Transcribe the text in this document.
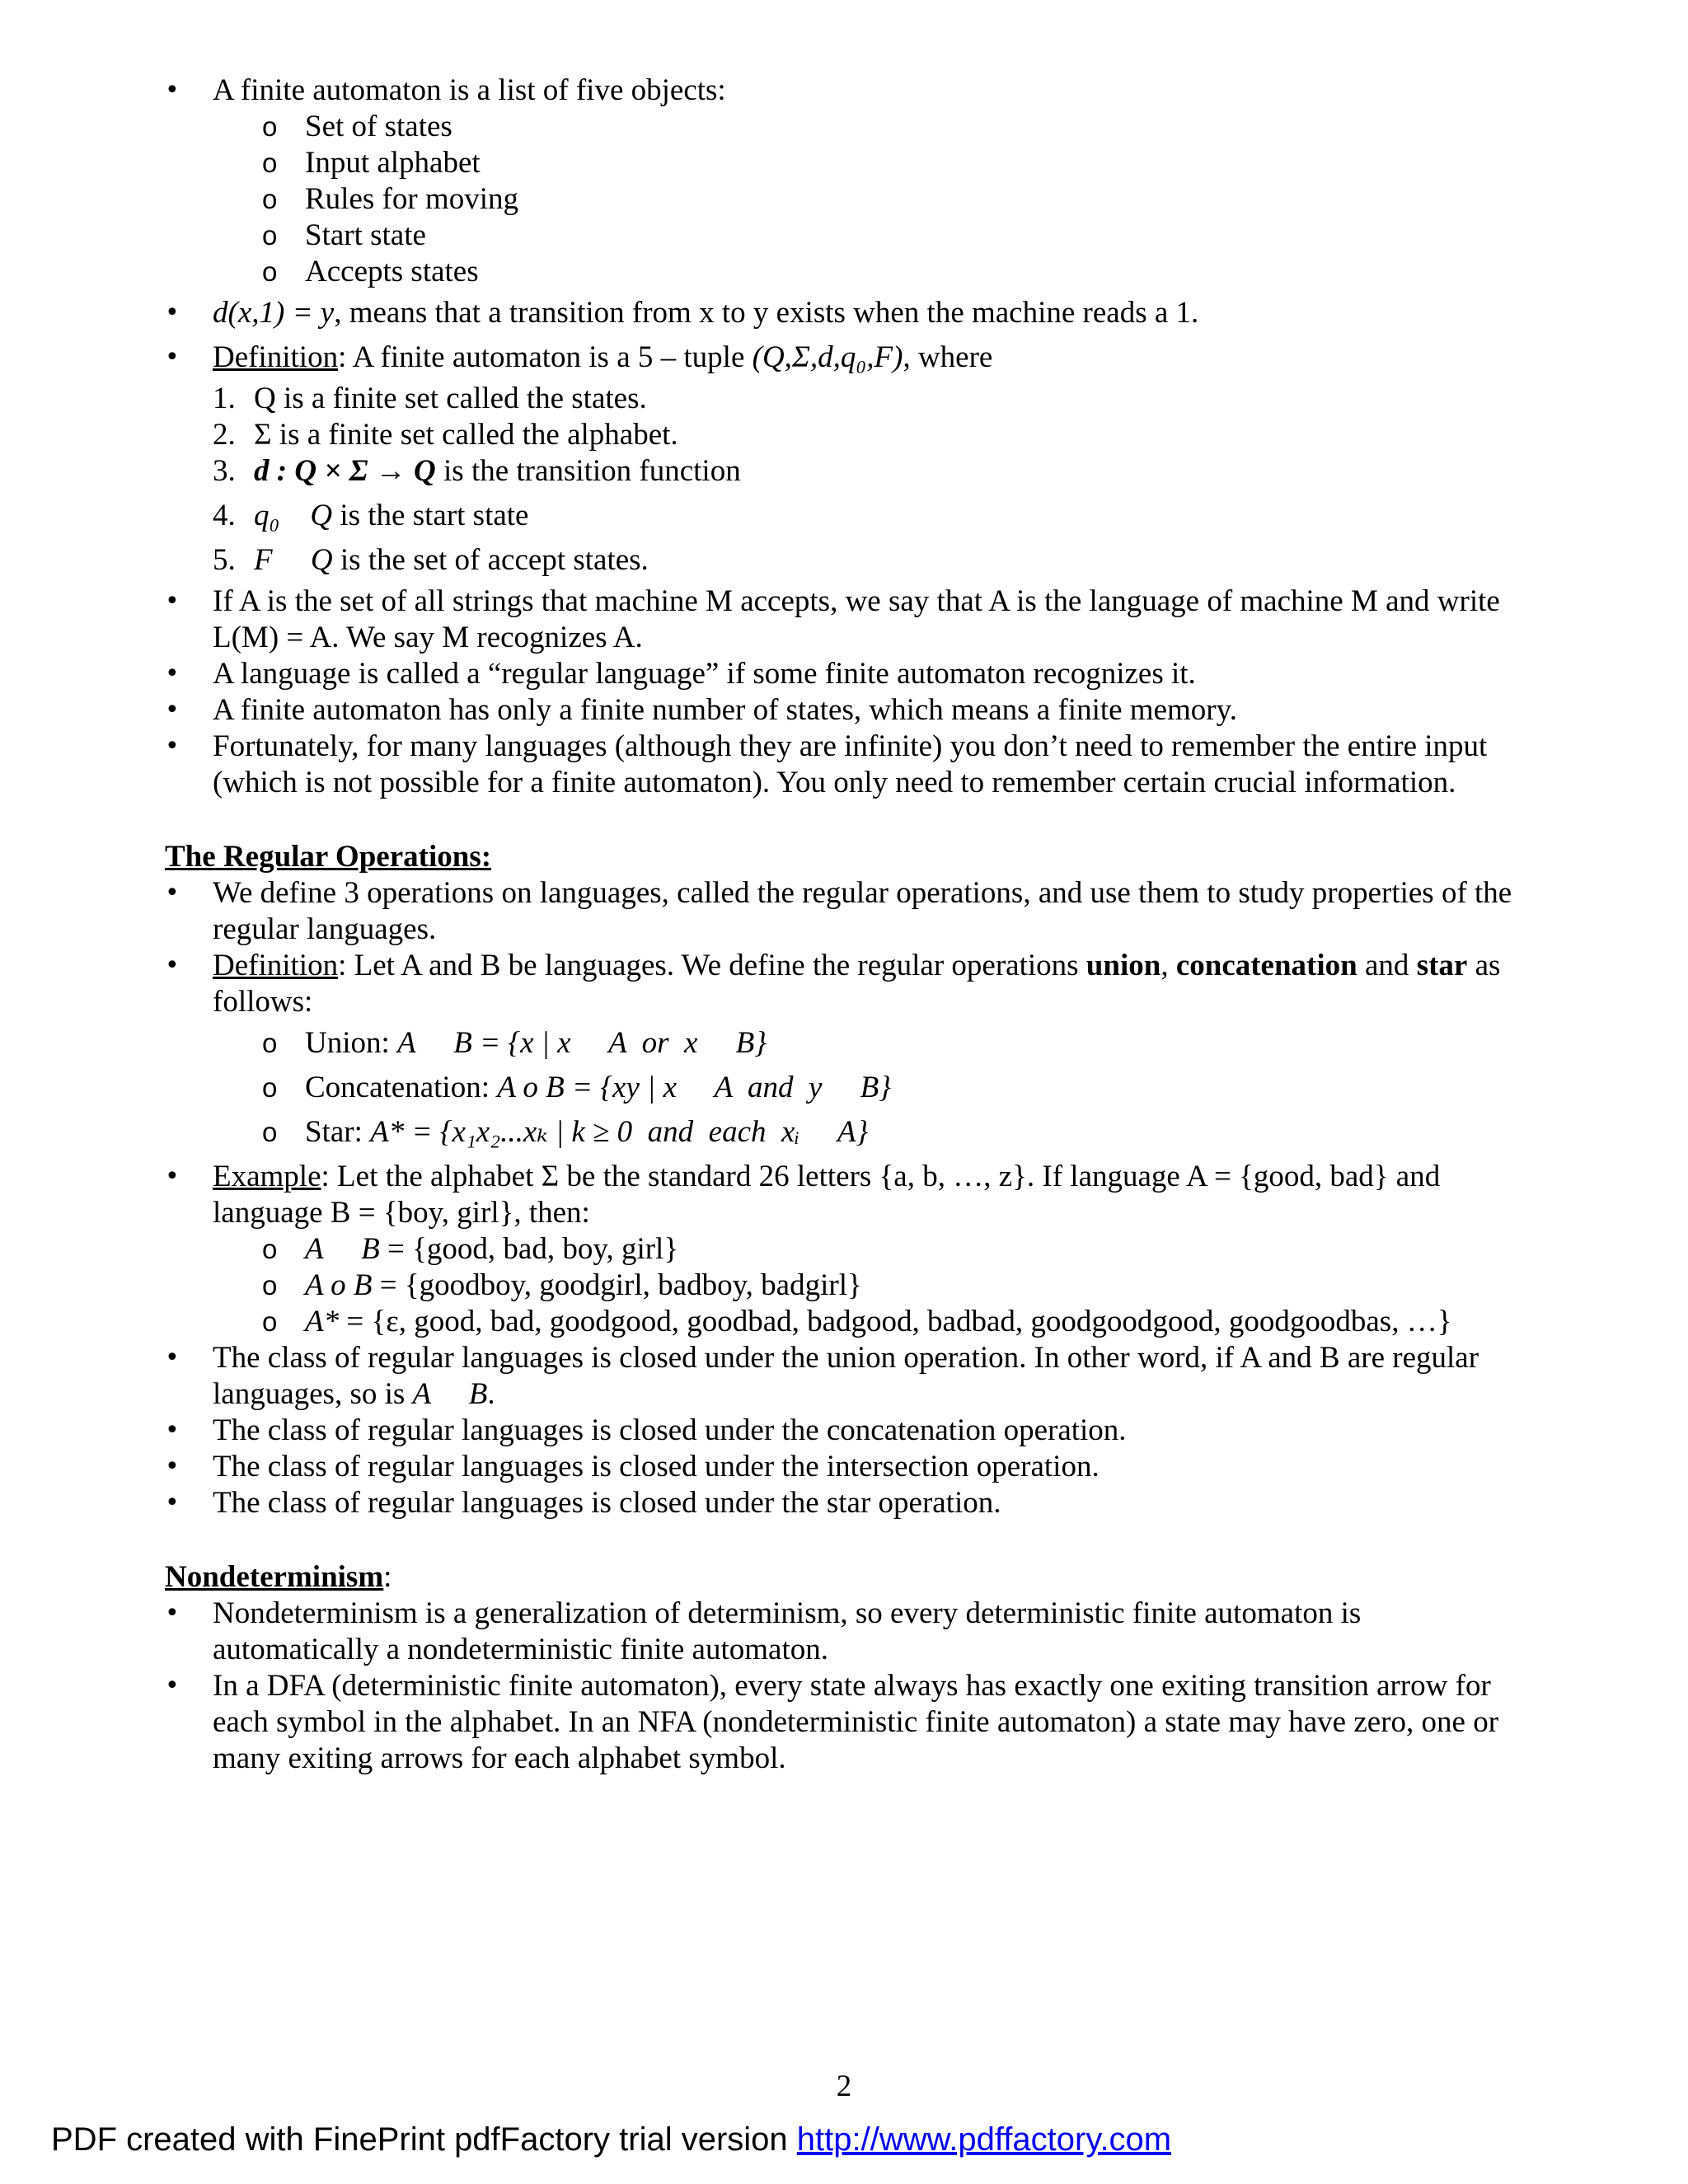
• A finite automaton is a list of five objects:

o Set of states

o Input alphabet

o Rules for moving

o Start state

o Accepts states

• d(x,1) = y, means that a transition from x to y exists when the machine reads a 1.

• Definition: A finite automaton is a 5 – tuple (Q,Σ,d,q₀,F), where

1. Q is a finite set called the states.

2. Σ is a finite set called the alphabet.

3. d : Q × Σ → Q is the transition function

4. q₀    Q is the start state

5. F     Q is the set of accept states.

• If A is the set of all strings that machine M accepts, we say that A is the language of machine M and write L(M) = A. We say M recognizes A.

• A language is called a “regular language” if some finite automaton recognizes it.

• A finite automaton has only a finite number of states, which means a finite memory.

• Fortunately, for many languages (although they are infinite) you don’t need to remember the entire input (which is not possible for a finite automaton). You only need to remember certain crucial information.

The Regular Operations:

• We define 3 operations on languages, called the regular operations, and use them to study properties of the regular languages.

• Definition: Let A and B be languages. We define the regular operations union, concatenation and star as follows:

o Union: A     B = {x | x     A  or  x     B}

o Concatenation: A o B = {xy | x     A  and  y     B}

o Star: A* = {x₁x₂...xₖ | k ≥ 0  and  each  xᵢ     A}

• Example: Let the alphabet Σ be the standard 26 letters {a, b, …, z}. If language A = {good, bad} and language B = {boy, girl}, then:

o A     B = {good, bad, boy, girl}

o A o B = {goodboy, goodgirl, badboy, badgirl}

o A* = {ε, good, bad, goodgood, goodbad, badgood, badbad, goodgoodgood, goodgoodbas, …}

• The class of regular languages is closed under the union operation. In other word, if A and B are regular languages, so is A     B.

• The class of regular languages is closed under the concatenation operation.

• The class of regular languages is closed under the intersection operation.

• The class of regular languages is closed under the star operation.

Nondeterminism:

• Nondeterminism is a generalization of determinism, so every deterministic finite automaton is automatically a nondeterministic finite automaton.

• In a DFA (deterministic finite automaton), every state always has exactly one exiting transition arrow for each symbol in the alphabet. In an NFA (nondeterministic finite automaton) a state may have zero, one or many exiting arrows for each alphabet symbol.

2
PDF created with FinePrint pdfFactory trial version http://www.pdffactory.com
